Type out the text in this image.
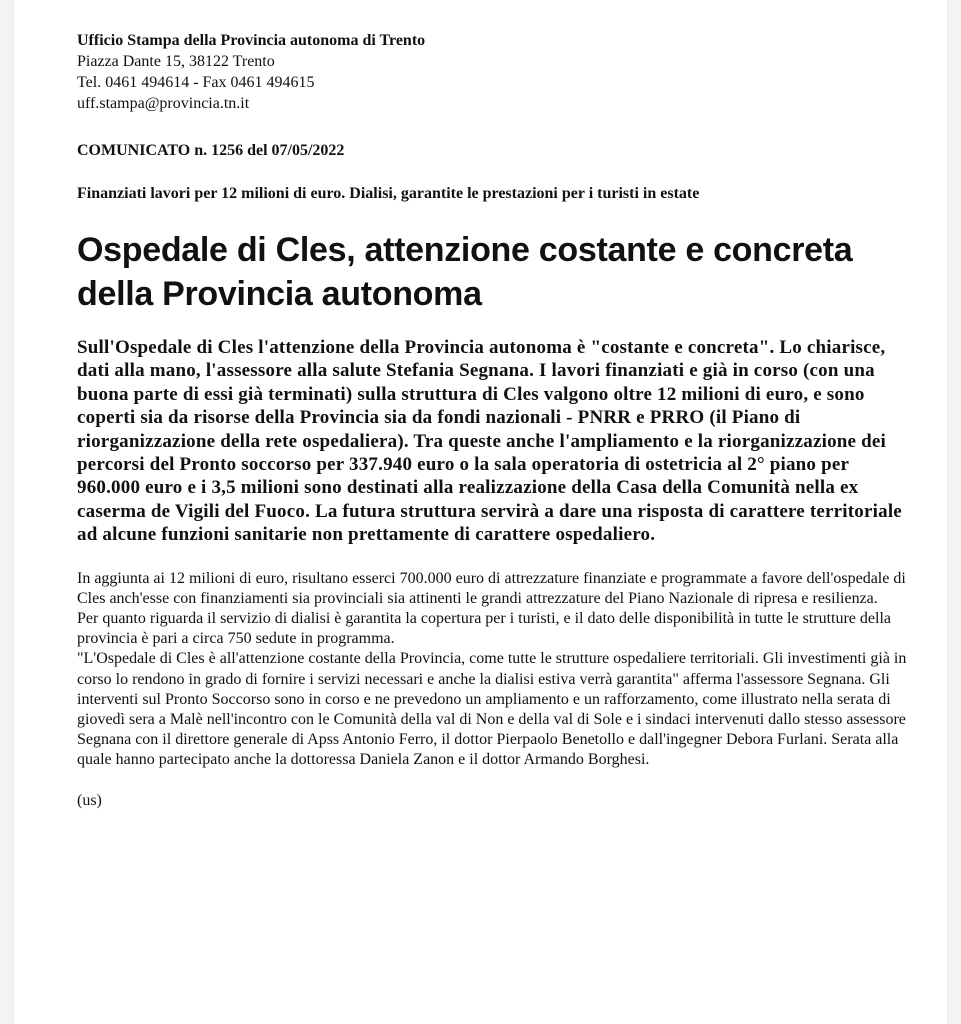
Ufficio Stampa della Provincia autonoma di Trento
Piazza Dante 15, 38122 Trento
Tel. 0461 494614 - Fax 0461 494615
uff.stampa@provincia.tn.it
COMUNICATO n. 1256 del 07/05/2022
Finanziati lavori per 12 milioni di euro. Dialisi, garantite le prestazioni per i turisti in estate
Ospedale di Cles, attenzione costante e concreta della Provincia autonoma
Sull'Ospedale di Cles l'attenzione della Provincia autonoma è "costante e concreta". Lo chiarisce, dati alla mano, l'assessore alla salute Stefania Segnana. I lavori finanziati e già in corso (con una buona parte di essi già terminati) sulla struttura di Cles valgono oltre 12 milioni di euro, e sono coperti sia da risorse della Provincia sia da fondi nazionali - PNRR e PRRO (il Piano di riorganizzazione della rete ospedaliera). Tra queste anche l'ampliamento e la riorganizzazione dei percorsi del Pronto soccorso per 337.940 euro o la sala operatoria di ostetricia al 2° piano per 960.000 euro e i 3,5 milioni sono destinati alla realizzazione della Casa della Comunità nella ex caserma de Vigili del Fuoco. La futura struttura servirà a dare una risposta di carattere territoriale ad alcune funzioni sanitarie non prettamente di carattere ospedaliero.

In aggiunta ai 12 milioni di euro, risultano esserci 700.000 euro di attrezzature finanziate e programmate a favore dell'ospedale di Cles anch'esse con finanziamenti sia provinciali sia attinenti le grandi attrezzature del Piano Nazionale di ripresa e resilienza.

Per quanto riguarda il servizio di dialisi è garantita la copertura per i turisti, e il dato delle disponibilità in tutte le strutture della provincia è pari a circa 750 sedute in programma.

"L'Ospedale di Cles è all'attenzione costante della Provincia, come tutte le strutture ospedaliere territoriali. Gli investimenti già in corso lo rendono in grado di fornire i servizi necessari e anche la dialisi estiva verrà garantita" afferma l'assessore Segnana. Gli interventi sul Pronto Soccorso sono in corso e ne prevedono un ampliamento e un rafforzamento, come illustrato nella serata di giovedì sera a Malè nell'incontro con le Comunità della val di Non e della val di Sole e i sindaci intervenuti dallo stesso assessore Segnana con il direttore generale di Apss Antonio Ferro, il dottor Pierpaolo Benetollo e dall'ingegner Debora Furlani. Serata alla quale hanno partecipato anche la dottoressa Daniela Zanon e il dottor Armando Borghesi.

(us)
